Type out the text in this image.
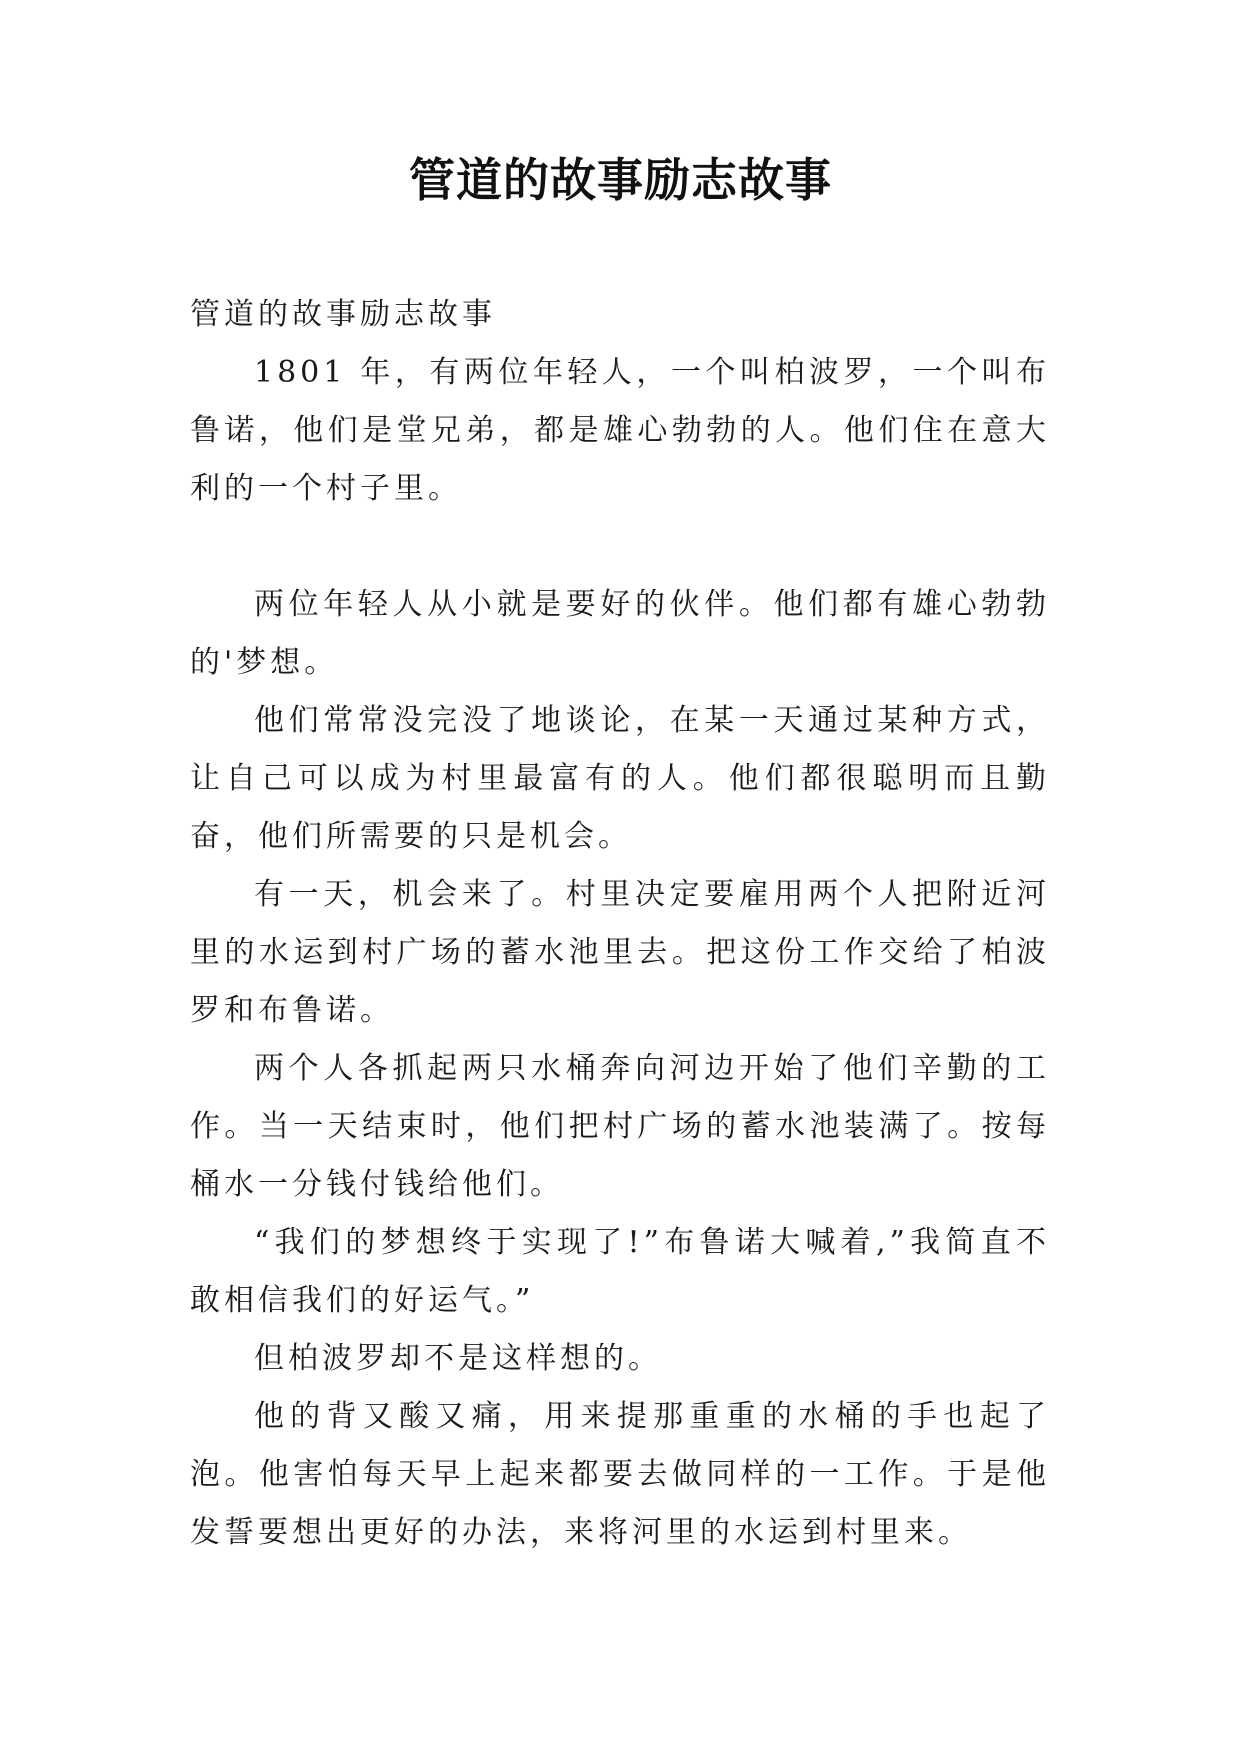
管道的故事励志故事

管道的故事励志故事

1801 年，有两位年轻人，一个叫柏波罗，一个叫布鲁诺，他们是堂兄弟，都是雄心勃勃的人。他们住在意大利的一个村子里。

两位年轻人从小就是要好的伙伴。他们都有雄心勃勃的'梦想。

他们常常没完没了地谈论，在某一天通过某种方式，让自己可以成为村里最富有的人。他们都很聪明而且勤奋，他们所需要的只是机会。

有一天，机会来了。村里决定要雇用两个人把附近河里的水运到村广场的蓄水池里去。把这份工作交给了柏波罗和布鲁诺。

两个人各抓起两只水桶奔向河边开始了他们辛勤的工作。当一天结束时，他们把村广场的蓄水池装满了。按每桶水一分钱付钱给他们。

“我们的梦想终于实现了!”布鲁诺大喊着,”我简直不敢相信我们的好运气。”

但柏波罗却不是这样想的。

他的背又酸又痛，用来提那重重的水桶的手也起了泡。他害怕每天早上起来都要去做同样的一工作。于是他发誓要想出更好的办法，来将河里的水运到村里来。
